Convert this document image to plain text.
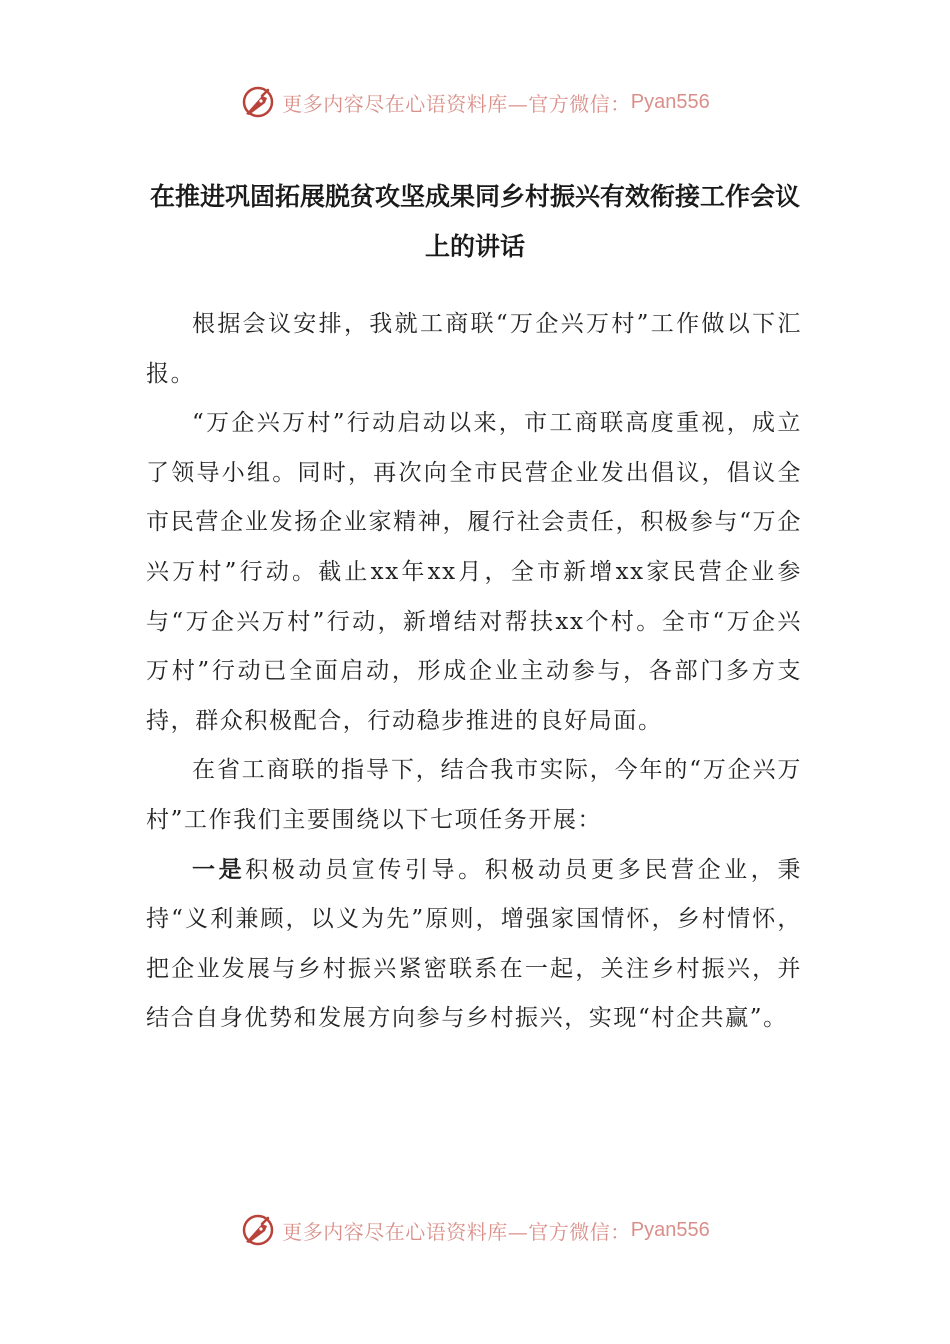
更多内容尽在心语资料库—官方微信： Pyan556
在推进巩固拓展脱贫攻坚成果同乡村振兴有效衔接工作会议上的讲话

根据会议安排，我就工商联“万企兴万村”工作做以下汇报。

“万企兴万村”行动启动以来，市工商联高度重视，成立了领导小组。同时，再次向全市民营企业发出倡议，倡议全市民营企业发扬企业家精神，履行社会责任，积极参与“万企兴万村”行动。截止xx年xx月，全市新增xx家民营企业参与“万企兴万村”行动，新增结对帮扶xx个村。全市“万企兴万村”行动已全面启动，形成企业主动参与，各部门多方支持，群众积极配合，行动稳步推进的良好局面。

在省工商联的指导下，结合我市实际，今年的“万企兴万村”工作我们主要围绕以下七项任务开展：

一是积极动员宣传引导。积极动员更多民营企业，秉持“义利兼顾，以义为先”原则，增强家国情怀，乡村情怀，把企业发展与乡村振兴紧密联系在一起，关注乡村振兴，并结合自身优势和发展方向参与乡村振兴，实现“村企共赢”。

更多内容尽在心语资料库—官方微信： Pyan556
